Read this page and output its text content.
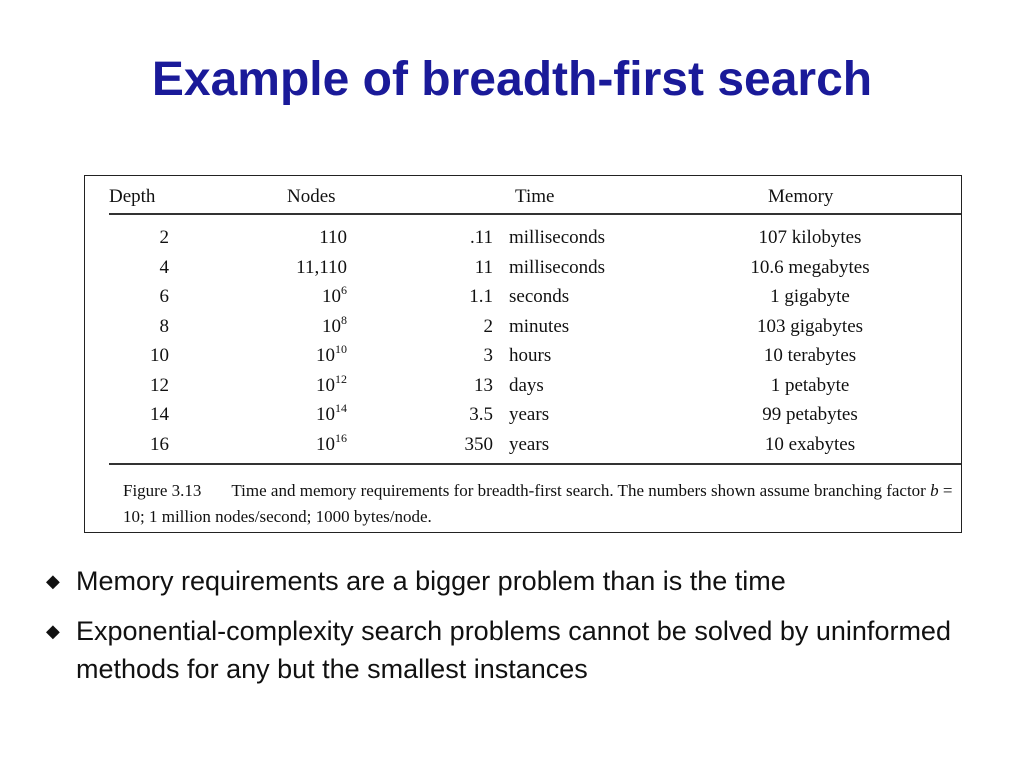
Example of breadth-first search
Depth	Nodes	Time	Memory
2	110	.11 milliseconds	107 kilobytes
4	11,110	11 milliseconds	10.6 megabytes
6	$10^6$	1.1 seconds	1 gigabyte
8	$10^8$	2 minutes	103 gigabytes
10	$10^{10}$	3 hours	10 terabytes
12	$10^{12}$	13 days	1 petabyte
14	$10^{14}$	3.5 years	99 petabytes
16	$10^{16}$	350 years	10 exabytes
Figure 3.13 Time and memory requirements for breadth-first search. The numbers shown assume branching factor b = 10; 1 million nodes/second; 1000 bytes/node.
◆ Memory requirements are a bigger problem than is the time
◆ Exponential-complexity search problems cannot be solved by uninformed methods for any but the smallest instances
